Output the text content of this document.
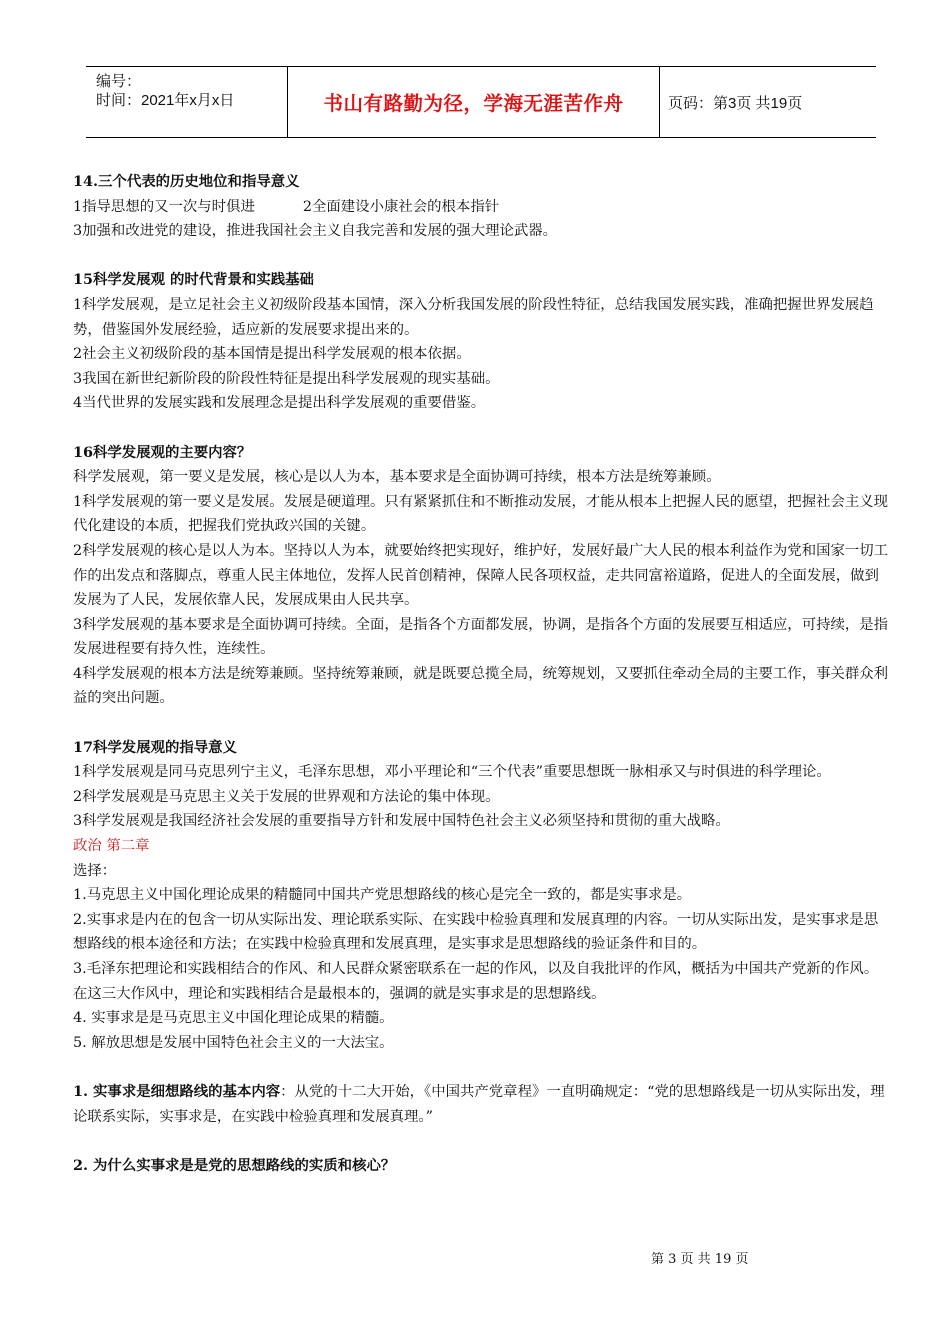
编号：
时间：2021年x月x日	书山有路勤为径，学海无涯苦作舟	页码：第3页 共19页

14.三个代表的历史地位和指导意义

1指导思想的又一次与时俱进	2全面建设小康社会的根本指针

3加强和改进党的建设，推进我国社会主义自我完善和发展的强大理论武器。

15科学发展观 的时代背景和实践基础

1科学发展观，是立足社会主义初级阶段基本国情，深入分析我国发展的阶段性特征，总结我国发展实践，准确把握世界发展趋势，借鉴国外发展经验，适应新的发展要求提出来的。

2社会主义初级阶段的基本国情是提出科学发展观的根本依据。

3我国在新世纪新阶段的阶段性特征是提出科学发展观的现实基础。

4当代世界的发展实践和发展理念是提出科学发展观的重要借鉴。

16科学发展观的主要内容？

科学发展观，第一要义是发展，核心是以人为本，基本要求是全面协调可持续，根本方法是统筹兼顾。

1科学发展观的第一要义是发展。发展是硬道理。只有紧紧抓住和不断推动发展，才能从根本上把握人民的愿望，把握社会主义现代化建设的本质，把握我们党执政兴国的关键。

2科学发展观的核心是以人为本。坚持以人为本，就要始终把实现好，维护好，发展好最广大人民的根本利益作为党和国家一切工作的出发点和落脚点，尊重人民主体地位，发挥人民首创精神，保障人民各项权益，走共同富裕道路，促进人的全面发展，做到发展为了人民，发展依靠人民，发展成果由人民共享。

3科学发展观的基本要求是全面协调可持续。全面，是指各个方面都发展，协调，是指各个方面的发展要互相适应，可持续，是指发展进程要有持久性，连续性。

4科学发展观的根本方法是统筹兼顾。坚持统筹兼顾，就是既要总揽全局，统筹规划，又要抓住牵动全局的主要工作，事关群众利益的突出问题。

17科学发展观的指导意义

1科学发展观是同马克思列宁主义，毛泽东思想，邓小平理论和“三个代表”重要思想既一脉相承又与时俱进的科学理论。

2科学发展观是马克思主义关于发展的世界观和方法论的集中体现。

3科学发展观是我国经济社会发展的重要指导方针和发展中国特色社会主义必须坚持和贯彻的重大战略。

政治 第二章

选择：

1.马克思主义中国化理论成果的精髓同中国共产党思想路线的核心是完全一致的，都是实事求是。

2.实事求是内在的包含一切从实际出发、理论联系实际、在实践中检验真理和发展真理的内容。一切从实际出发，是实事求是思想路线的根本途径和方法；在实践中检验真理和发展真理，是实事求是思想路线的验证条件和目的。

3.毛泽东把理论和实践相结合的作风、和人民群众紧密联系在一起的作风，以及自我批评的作风，概括为中国共产党新的作风。在这三大作风中，理论和实践相结合是最根本的，强调的就是实事求是的思想路线。

4. 实事求是是马克思主义中国化理论成果的精髓。

5. 解放思想是发展中国特色社会主义的一大法宝。

1. 实事求是细想路线的基本内容：从党的十二大开始，《中国共产党章程》一直明确规定：“党的思想路线是一切从实际出发，理论联系实际，实事求是，在实践中检验真理和发展真理。”

2. 为什么实事求是是党的思想路线的实质和核心？

第 3 页 共 19 页
